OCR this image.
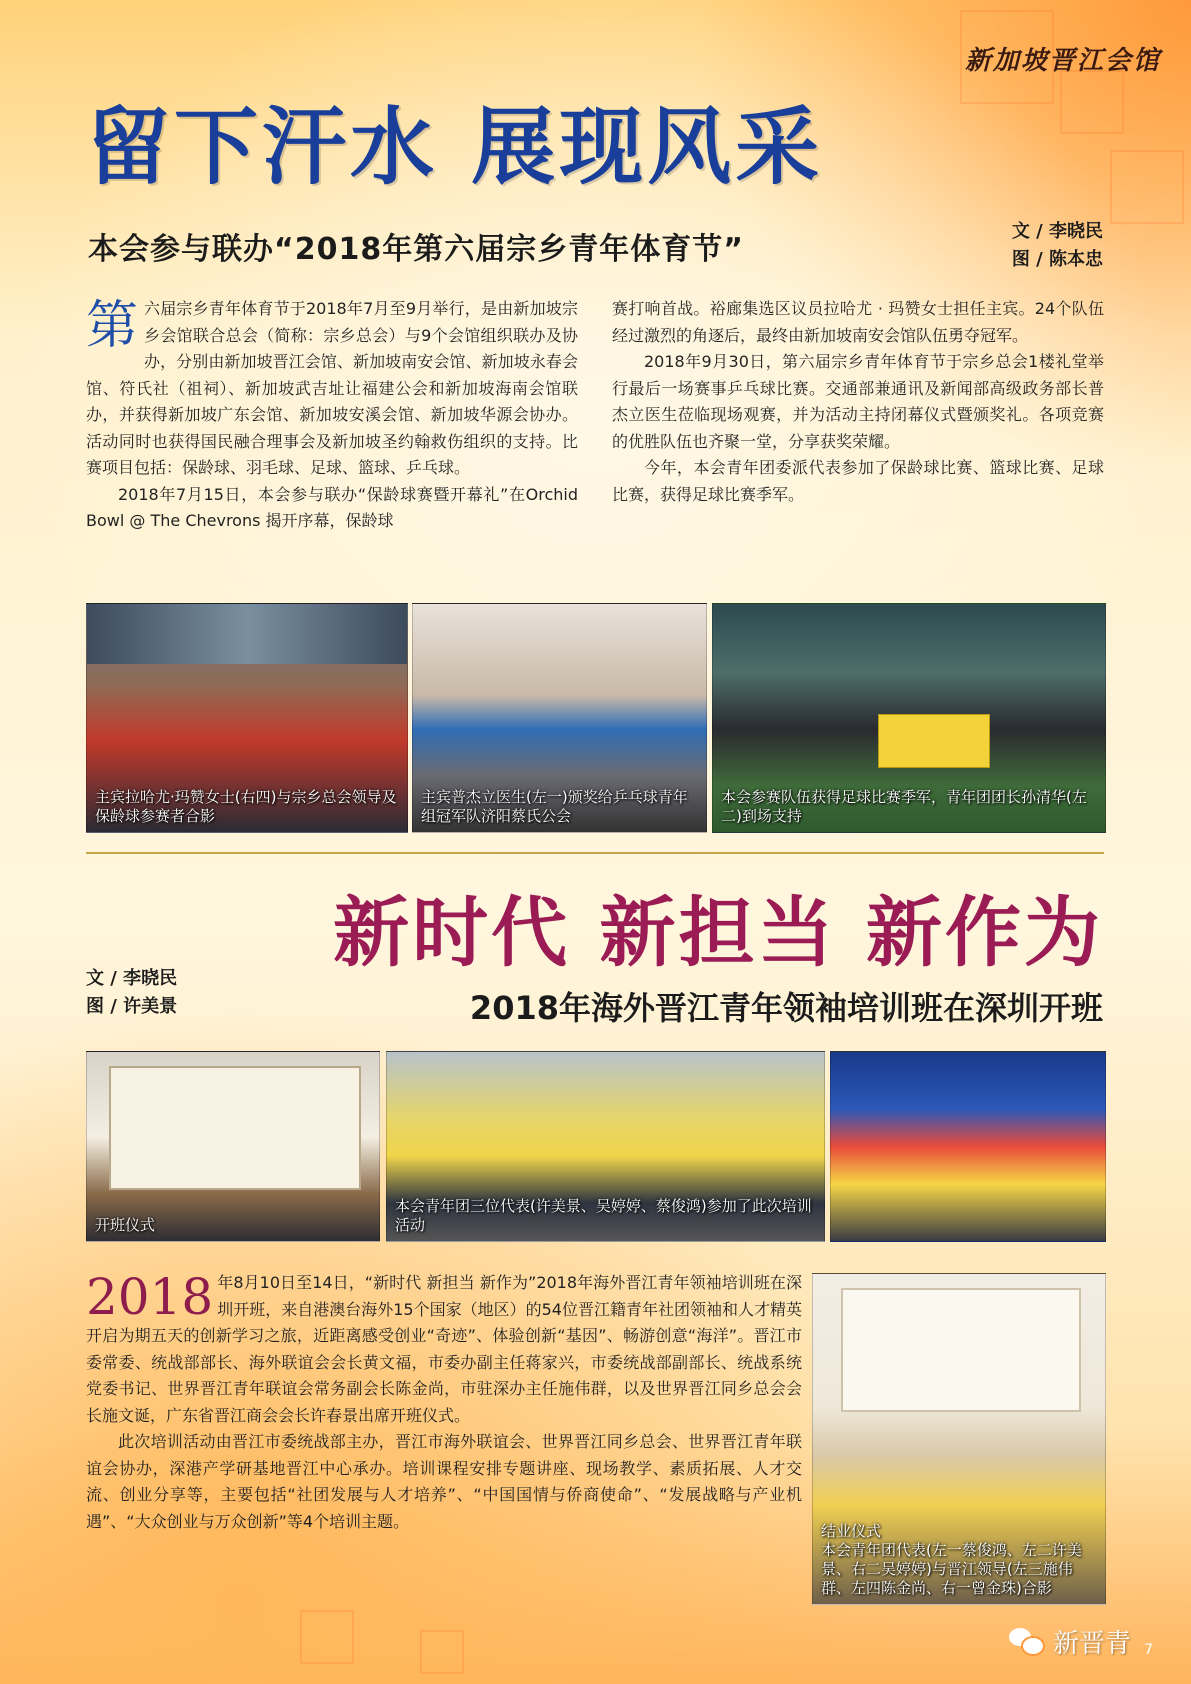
新加坡晋江会馆
留下汗水 展现风采
本会参与联办“2018年第六届宗乡青年体育节”
文 / 李晓民
图 / 陈本忠

第六届宗乡青年体育节于2018年7月至9月举行，是由新加坡宗乡会馆联合总会（简称：宗乡总会）与9个会馆组织联办及协办，分别由新加坡晋江会馆、新加坡南安会馆、新加坡永春会馆、符氏社（祖祠）、新加坡武吉址让福建公会和新加坡海南会馆联办，并获得新加坡广东会馆、新加坡安溪会馆、新加坡华源会协办。活动同时也获得国民融合理事会及新加坡圣约翰救伤组织的支持。比赛项目包括：保龄球、羽毛球、足球、篮球、乒乓球。

2018年7月15日，本会参与联办“保龄球赛暨开幕礼”在Orchid Bowl @ The Chevrons 揭开序幕，保龄球

赛打响首战。裕廊集选区议员拉哈尤 · 玛赞女士担任主宾。24个队伍经过激烈的角逐后，最终由新加坡南安会馆队伍勇夺冠军。

2018年9月30日，第六届宗乡青年体育节于宗乡总会1楼礼堂举行最后一场赛事乒乓球比赛。交通部兼通讯及新闻部高级政务部长普杰立医生莅临现场观赛，并为活动主持闭幕仪式暨颁奖礼。各项竞赛的优胜队伍也齐聚一堂，分享获奖荣耀。

今年，本会青年团委派代表参加了保龄球比赛、篮球比赛、足球比赛，获得足球比赛季军。

主宾拉哈尤·玛赞女士(右四)与宗乡总会领导及保龄球参赛者合影
主宾普杰立医生(左一)颁奖给乒乓球青年组冠军队济阳蔡氏公会
本会参赛队伍获得足球比赛季军，青年团团长孙清华(左二)到场支持
新时代 新担当 新作为
文 / 李晓民
图 / 许美景	2018年海外晋江青年领袖培训班在深圳开班
开班仪式
本会青年团三位代表(许美景、吴婷婷、蔡俊鸿)参加了此次培训活动

2018 年8月10日至14日，“新时代 新担当 新作为”2018年海外晋江青年领袖培训班在深圳开班，来自港澳台海外15个国家（地区）的54位晋江籍青年社团领袖和人才精英开启为期五天的创新学习之旅，近距离感受创业“奇迹”、体验创新“基因”、畅游创意“海洋”。晋江市委常委、统战部部长、海外联谊会会长黄文福，市委办副主任蒋家兴，市委统战部副部长、统战系统党委书记、世界晋江青年联谊会常务副会长陈金尚，市驻深办主任施伟群，以及世界晋江同乡总会会长施文诞，广东省晋江商会会长许春景出席开班仪式。

此次培训活动由晋江市委统战部主办，晋江市海外联谊会、世界晋江同乡总会、世界晋江青年联谊会协办，深港产学研基地晋江中心承办。培训课程安排专题讲座、现场教学、素质拓展、人才交流、创业分享等，主要包括“社团发展与人才培养”、“中国国情与侨商使命”、“发展战略与产业机遇”、“大众创业与万众创新”等4个培训主题。

结业仪式
本会青年团代表(左一蔡俊鸿、左二许美景、右二吴婷婷)与晋江领导(左三施伟群、左四陈金尚、右一曾金珠)合影
新晋青 7
